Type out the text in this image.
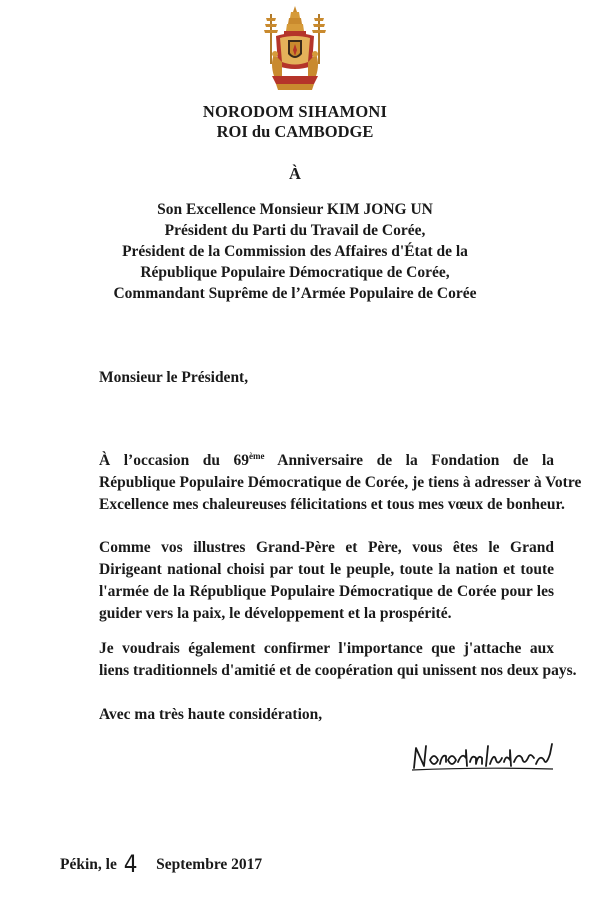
NORODOM SIHAMONI
ROI du CAMBODGE
À
Son Excellence Monsieur KIM JONG UN
Président du Parti du Travail de Corée,
Président de la Commission des Affaires d'État de la
République Populaire Démocratique de Corée,
Commandant Suprême de l’Armée Populaire de Corée
Monsieur le Président,
À l’occasion du 69ème Anniversaire de la Fondation de la
République Populaire Démocratique de Corée, je tiens à adresser à Votre
Excellence mes chaleureuses félicitations et tous mes vœux de bonheur.
Comme vos illustres Grand-Père et Père, vous êtes le Grand
Dirigeant national choisi par tout le peuple, toute la nation et toute
l'armée de la République Populaire Démocratique de Corée pour les
guider vers la paix, le développement et la prospérité.
Je voudrais également confirmer l'importance que j'attache aux
liens traditionnels d'amitié et de coopération qui unissent nos deux pays.
Avec ma très haute considération,
Pékin, le 4 Septembre 2017
